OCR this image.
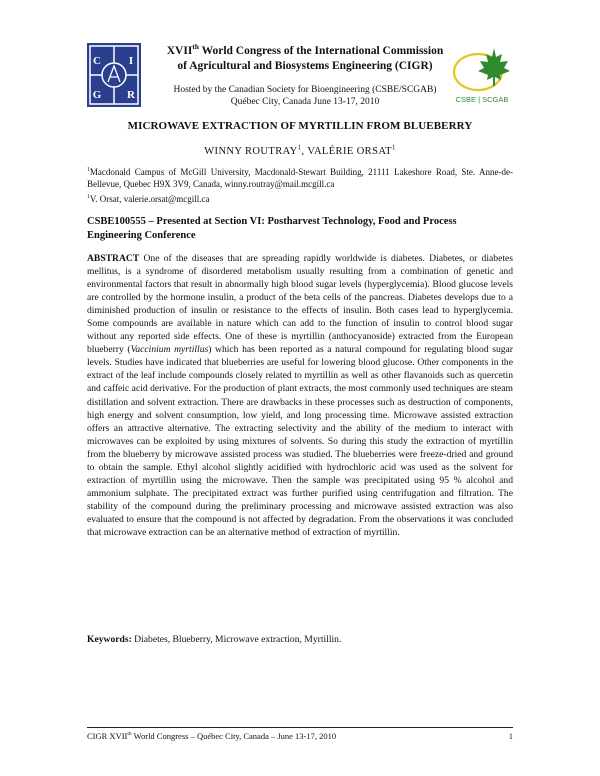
C	I
G R	CSBE | SCGAB
XVIIth World Congress of the International Commission
of Agricultural and Biosystems Engineering (CIGR)
Hosted by the Canadian Society for Bioengineering (CSBE/SCGAB)
Québec City, Canada June 13-17, 2010
MICROWAVE EXTRACTION OF MYRTILLIN FROM BLUEBERRY
WINNY ROUTRAY$^1$, VALÉRIE ORSAT$^1$
$^1$Macdonald Campus of McGill University, Macdonald-Stewart Building, 21111 Lakeshore Road, Ste. Anne-de-Bellevue, Quebec H9X 3V9, Canada, winny.routray@mail.mcgill.ca
$^1$V. Orsat, valerie.orsat@mcgill.ca
CSBE100555 – Presented at Section VI: Postharvest Technology, Food and Process Engineering Conference
ABSTRACT One of the diseases that are spreading rapidly worldwide is diabetes. Diabetes, or diabetes mellitus, is a syndrome of disordered metabolism usually resulting from a combination of genetic and environmental factors that result in abnormally high blood sugar levels (hyperglycemia). Blood glucose levels are controlled by the hormone insulin, a product of the beta cells of the pancreas. Diabetes develops due to a diminished production of insulin or resistance to the effects of insulin. Both cases lead to hyperglycemia. Some compounds are available in nature which can add to the function of insulin to control blood sugar without any reported side effects. One of these is myrtillin (anthocyanoside) extracted from the European blueberry (Vaccinium myrtillus) which has been reported as a natural compound for regulating blood sugar levels. Studies have indicated that blueberries are useful for lowering blood glucose. Other components in the extract of the leaf include compounds closely related to myrtillin as well as other flavanoids such as quercetin and caffeic acid derivative. For the production of plant extracts, the most commonly used techniques are steam distillation and solvent extraction. There are drawbacks in these processes such as destruction of components, high energy and solvent consumption, low yield, and long processing time. Microwave assisted extraction offers an attractive alternative. The extracting selectivity and the ability of the medium to interact with microwaves can be exploited by using mixtures of solvents. So during this study the extraction of myrtillin from the blueberry by microwave assisted process was studied. The blueberries were freeze-dried and ground to obtain the sample. Ethyl alcohol slightly acidified with hydrochloric acid was used as the solvent for extraction of myrtillin using the microwave. Then the sample was precipitated using 95 % alcohol and ammonium sulphate. The precipitated extract was further purified using centrifugation and filtration. The stability of the compound during the preliminary processing and microwave assisted extraction was also evaluated to ensure that the compound is not affected by degradation. From the observations it was concluded that microwave extraction can be an alternative method of extraction of myrtillin.
Keywords: Diabetes, Blueberry, Microwave extraction, Myrtillin.
CIGR XVIIth World Congress – Québec City, Canada – June 13-17, 2010	1
